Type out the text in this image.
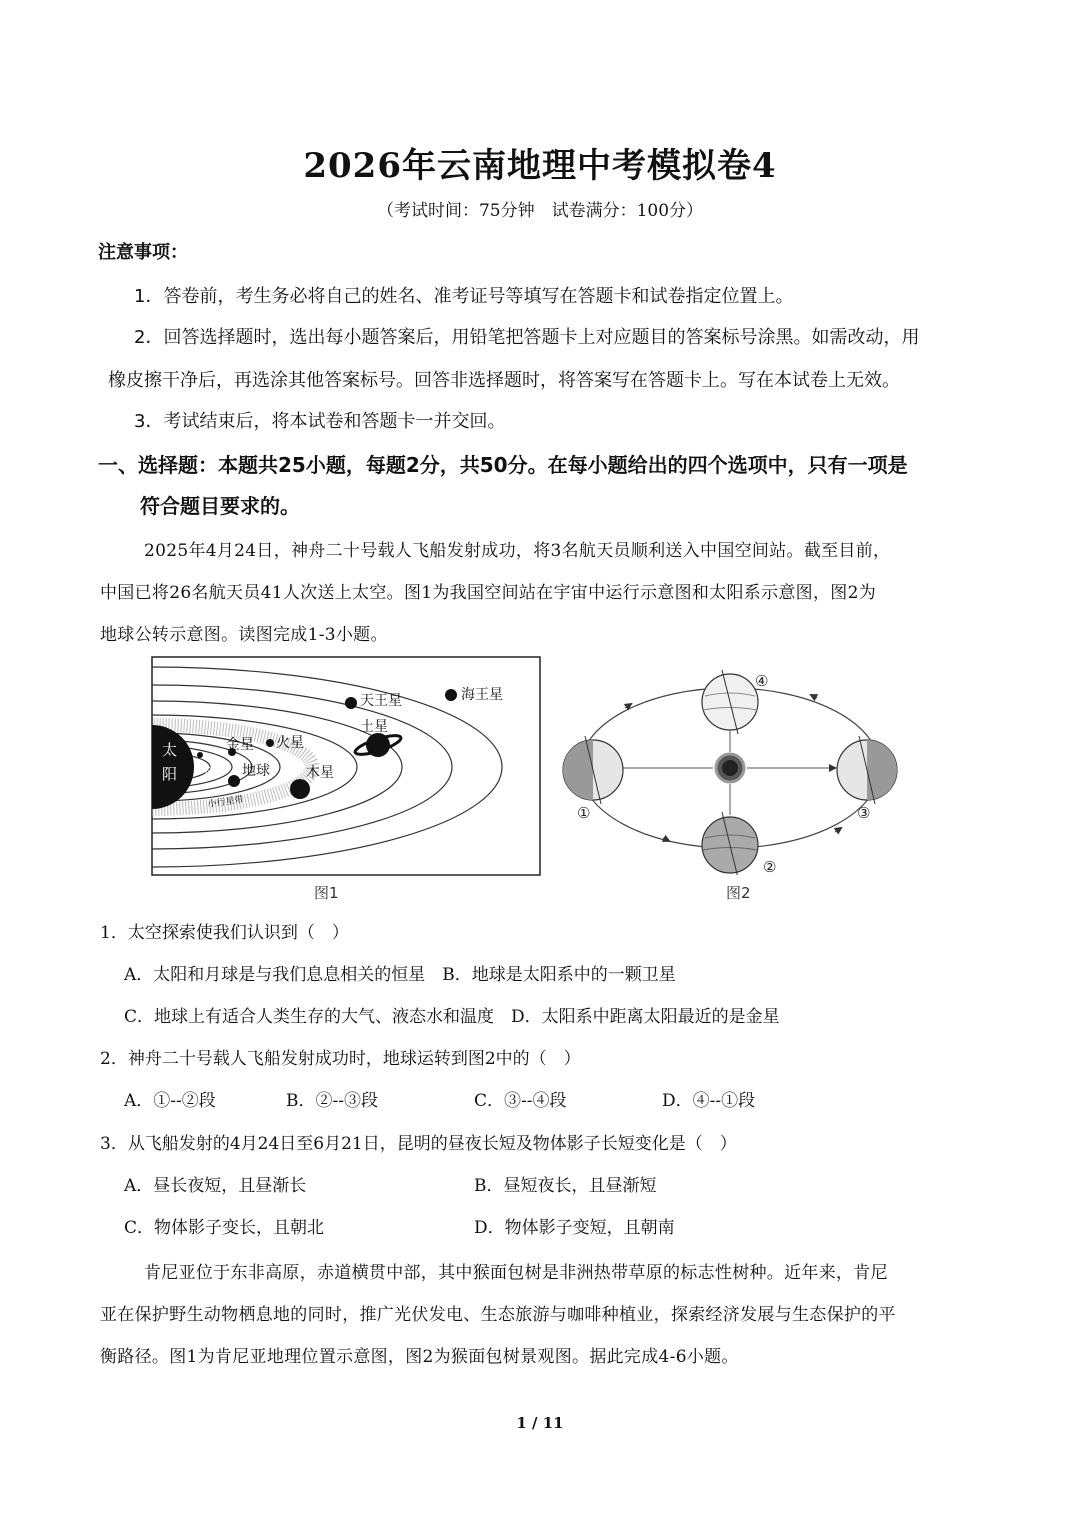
2026年云南地理中考模拟卷4
（考试时间：75分钟　试卷满分：100分）
注意事项：
1．答卷前，考生务必将自己的姓名、准考证号等填写在答题卡和试卷指定位置上。
2．回答选择题时，选出每小题答案后，用铅笔把答题卡上对应题目的答案标号涂黑。如需改动，用
橡皮擦干净后，再选涂其他答案标号。回答非选择题时，将答案写在答题卡上。写在本试卷上无效。
3．考试结束后，将本试卷和答题卡一并交回。
一、选择题：本题共25小题，每题2分，共50分。在每小题给出的四个选项中，只有一项是
符合题目要求的。
2025年4月24日，神舟二十号载人飞船发射成功，将3名航天员顺利送入中国空间站。截至目前，
中国已将26名航天员41人次送上太空。图1为我国空间站在宇宙中运行示意图和太阳系示意图，图2为
地球公转示意图。读图完成1-3小题。
太
阳	水星
金星
地球
火星
木星
土星
天王星	海王星
小行星带
图1
①
②
③
④
图2
1．太空探索使我们认识到（　）
A．太阳和月球是与我们息息相关的恒星　B．地球是太阳系中的一颗卫星
C．地球上有适合人类生存的大气、液态水和温度　D．太阳系中距离太阳最近的是金星
2．神舟二十号载人飞船发射成功时，地球运转到图2中的（　）
A．①--②段	B．②--③段	C．③--④段	D．④--①段
3．从飞船发射的4月24日至6月21日，昆明的昼夜长短及物体影子长短变化是（　）
A．昼长夜短，且昼渐长	B．昼短夜长，且昼渐短
C．物体影子变长，且朝北	D．物体影子变短，且朝南
肯尼亚位于东非高原，赤道横贯中部，其中猴面包树是非洲热带草原的标志性树种。近年来，肯尼
亚在保护野生动物栖息地的同时，推广光伏发电、生态旅游与咖啡种植业，探索经济发展与生态保护的平
衡路径。图1为肯尼亚地理位置示意图，图2为猴面包树景观图。据此完成4-6小题。
1 / 11
